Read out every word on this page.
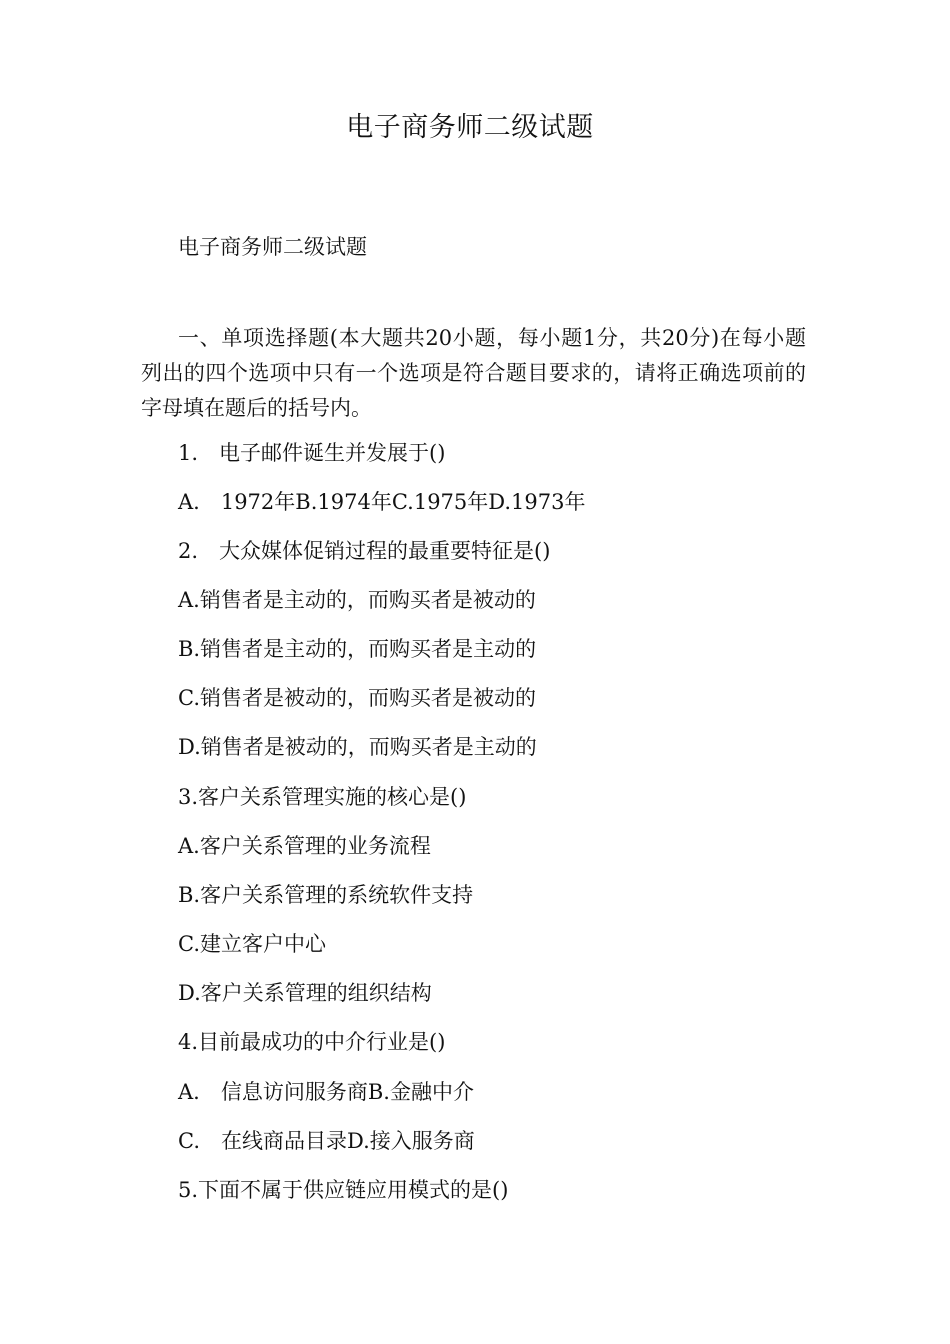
电子商务师二级试题
电子商务师二级试题
一、单项选择题(本大题共20小题，每小题1分，共20分)在每小题列出的四个选项中只有一个选项是符合题目要求的，请将正确选项前的字母填在题后的括号内。
1.　电子邮件诞生并发展于()
A.　1972年B.1974年C.1975年D.1973年
2.　大众媒体促销过程的最重要特征是()
A.销售者是主动的，而购买者是被动的
B.销售者是主动的，而购买者是主动的
C.销售者是被动的，而购买者是被动的
D.销售者是被动的，而购买者是主动的
3.客户关系管理实施的核心是()
A.客户关系管理的业务流程
B.客户关系管理的系统软件支持
C.建立客户中心
D.客户关系管理的组织结构
4.目前最成功的中介行业是()
A.　信息访问服务商B.金融中介
C.　在线商品目录D.接入服务商
5.下面不属于供应链应用模式的是()
